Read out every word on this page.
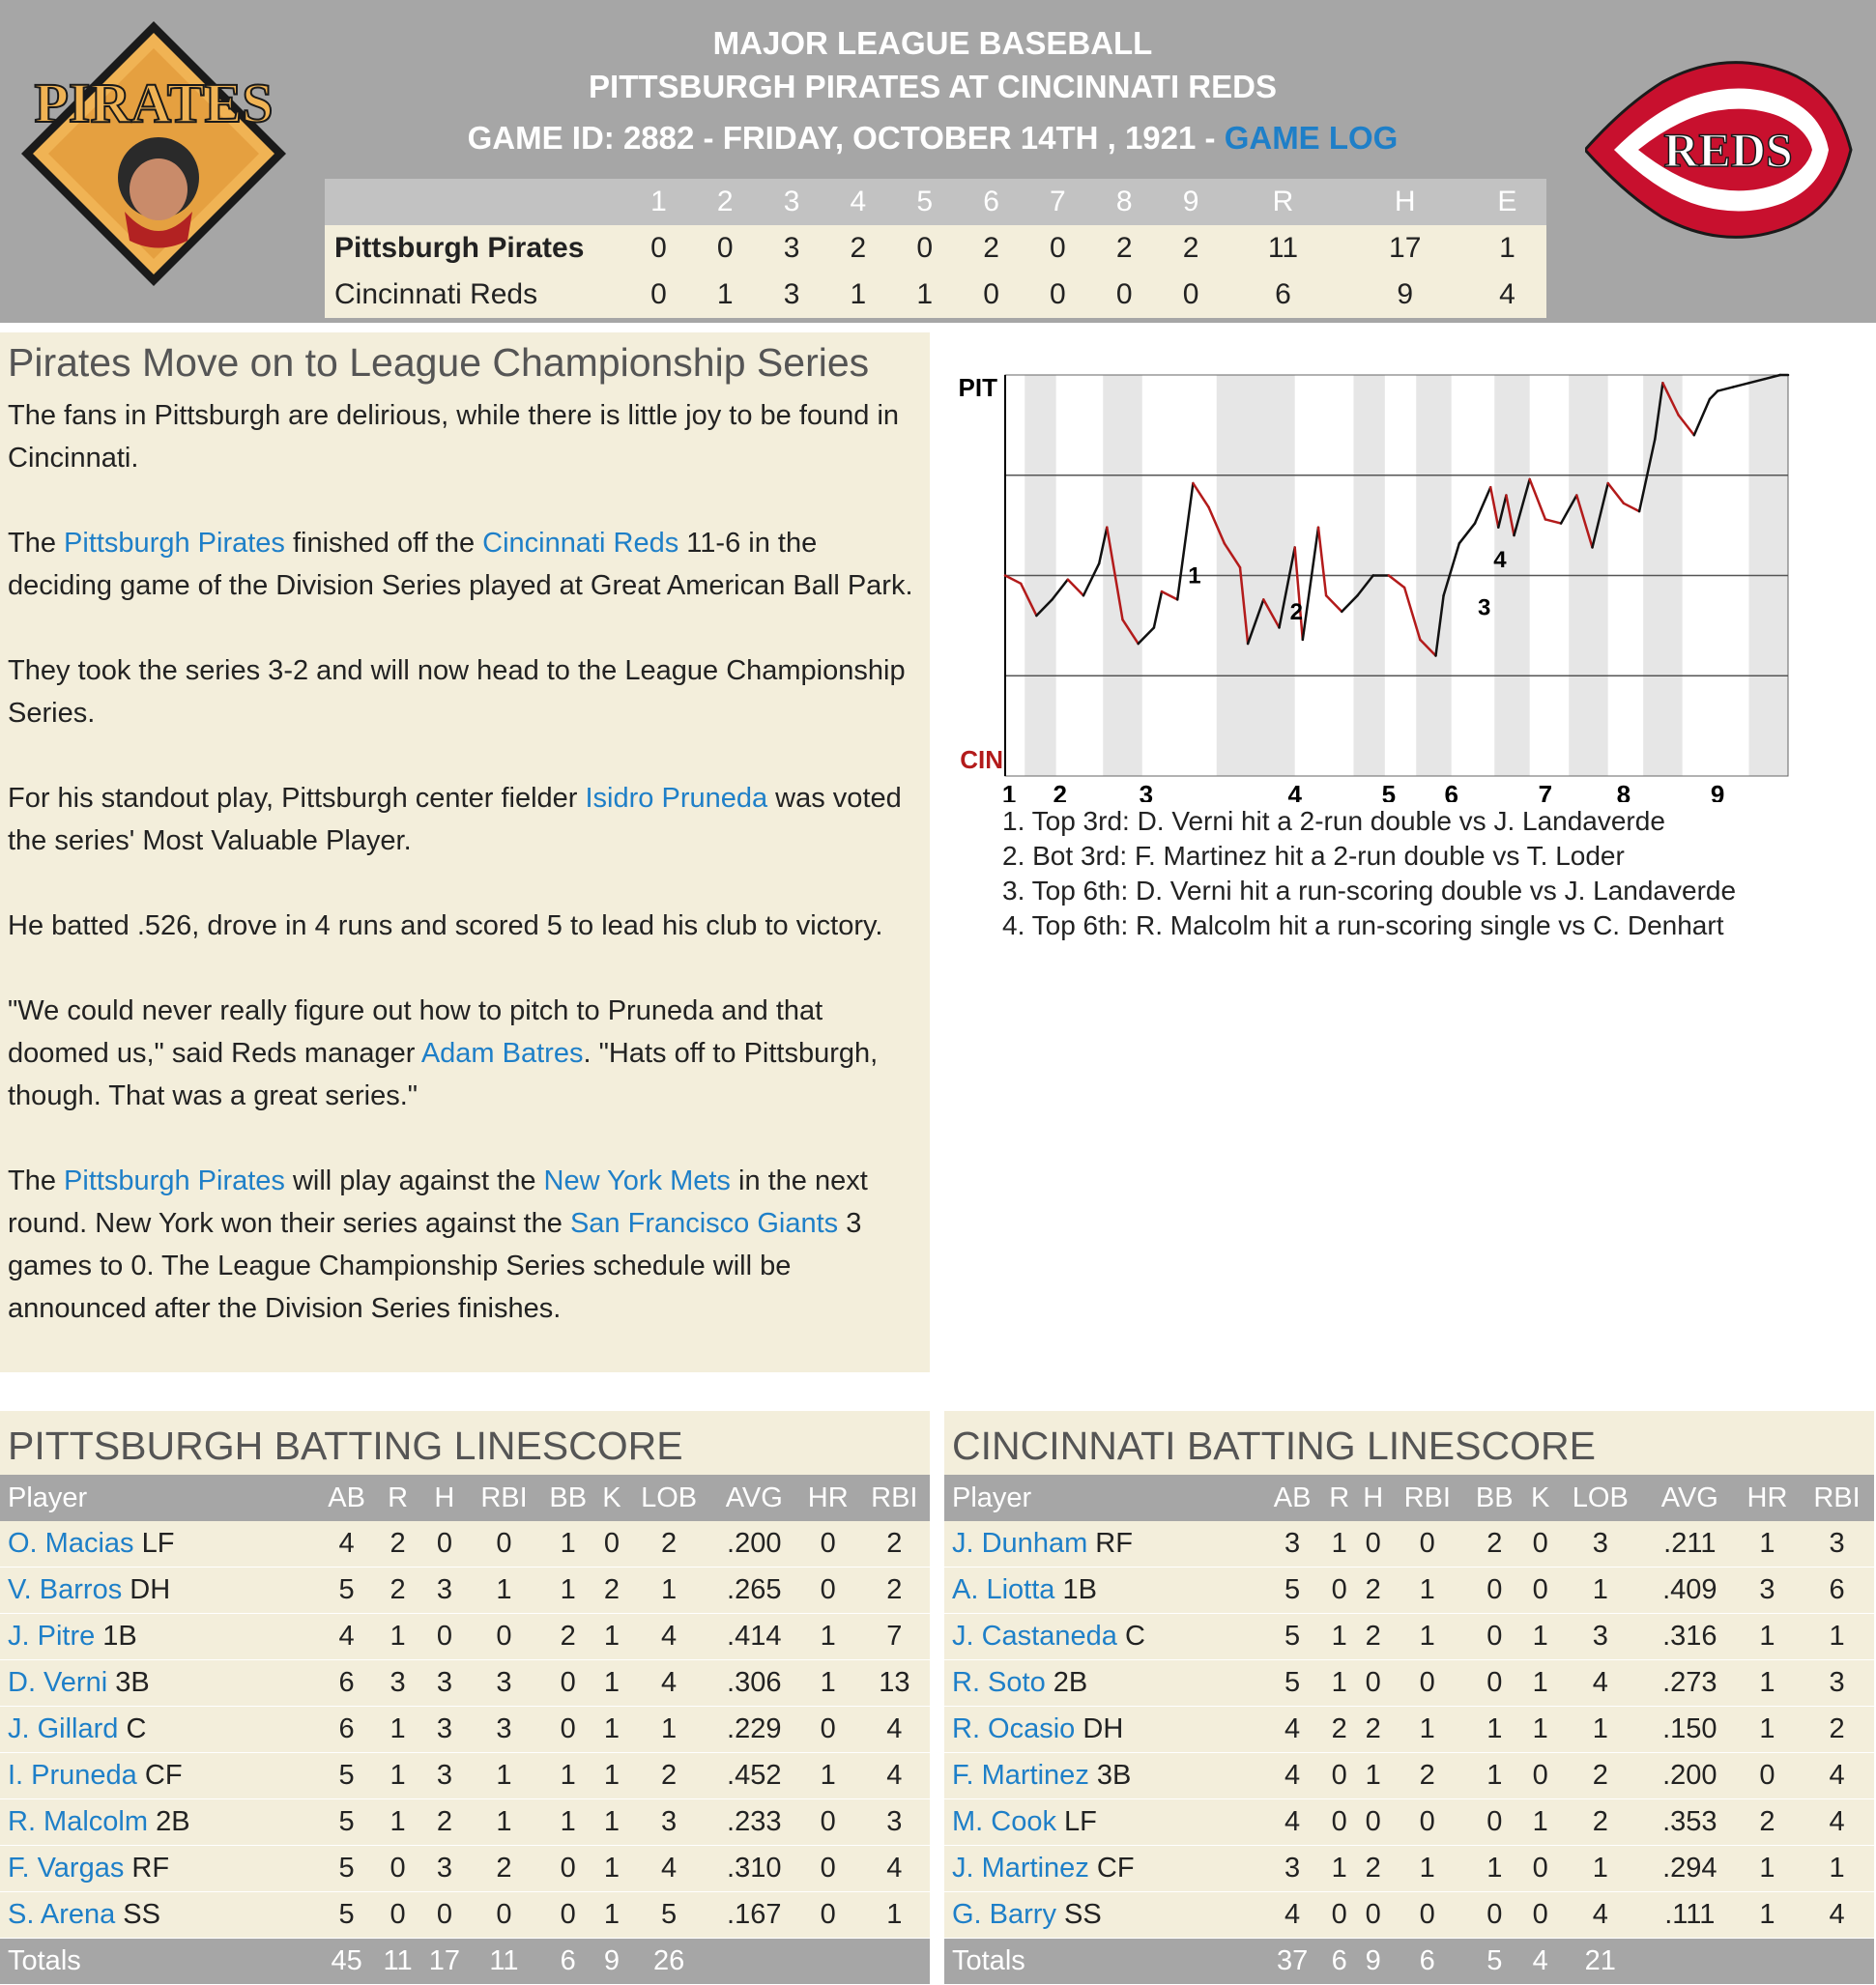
PIRATES
MAJOR LEAGUE BASEBALL
PITTSBURGH PIRATES AT CINCINNATI REDS
GAME ID: 2882 - FRIDAY, OCTOBER 14TH , 1921 - GAME LOG
	1	2	3	4	5	6	7	8	9	R	H	E
Pittsburgh Pirates	0	0	3	2	0	2	0	2	2	11	17	1
Cincinnati Reds	0	1	3	1	1	0	0	0	0	6	9	4
REDS
Pirates Move on to League Championship Series

The fans in Pittsburgh are delirious, while there is little joy to be found in Cincinnati.

The Pittsburgh Pirates finished off the Cincinnati Reds 11-6 in the deciding game of the Division Series played at Great American Ball Park.

They took the series 3-2 and will now head to the League Championship Series.

For his standout play, Pittsburgh center fielder Isidro Pruneda was voted the series' Most Valuable Player.

He batted .526, drove in 4 runs and scored 5 to lead his club to victory.

"We could never really figure out how to pitch to Pruneda and that doomed us," said Reds manager Adam Batres. "Hats off to Pittsburgh, though. That was a great series."

The Pittsburgh Pirates will play against the New York Mets in the next round. New York won their series against the San Francisco Giants 3 games to 0. The League Championship Series schedule will be announced after the Division Series finishes.

1
2	3
4
PIT
CIN
1 2	3	4	5 6	7	8	9
1. Top 3rd: D. Verni hit a 2-run double vs J. Landaverde
2. Bot 3rd: F. Martinez hit a 2-run double vs T. Loder
3. Top 6th: D. Verni hit a run-scoring double vs J. Landaverde
4. Top 6th: R. Malcolm hit a run-scoring single vs C. Denhart
PITTSBURGH BATTING LINESCORE
Player	AB	R	H	RBI	BB	K	LOB	AVG	HR	RBI
O. Macias LF	4	2	0	0	1	0	2	.200	0	2
V. Barros DH	5	2	3	1	1	2	1	.265	0	2
J. Pitre 1B	4	1	0	0	2	1	4	.414	1	7
D. Verni 3B	6	3	3	3	0	1	4	.306	1	13
J. Gillard C	6	1	3	3	0	1	1	.229	0	4
I. Pruneda CF	5	1	3	1	1	1	2	.452	1	4
R. Malcolm 2B	5	1	2	1	1	1	3	.233	0	3
F. Vargas RF	5	0	3	2	0	1	4	.310	0	4
S. Arena SS	5	0	0	0	0	1	5	.167	0	1
Totals	45	11	17	11	6	9	26			
CINCINNATI BATTING LINESCORE
Player	AB	R	H	RBI	BB	K	LOB	AVG	HR	RBI
J. Dunham RF	3	1	0	0	2	0	3	.211	1	3
A. Liotta 1B	5	0	2	1	0	0	1	.409	3	6
J. Castaneda C	5	1	2	1	0	1	3	.316	1	1
R. Soto 2B	5	1	0	0	0	1	4	.273	1	3
R. Ocasio DH	4	2	2	1	1	1	1	.150	1	2
F. Martinez 3B	4	0	1	2	1	0	2	.200	0	4
M. Cook LF	4	0	0	0	0	1	2	.353	2	4
J. Martinez CF	3	1	2	1	1	0	1	.294	1	1
G. Barry SS	4	0	0	0	0	0	4	.111	1	4
Totals	37	6	9	6	5	4	21			
